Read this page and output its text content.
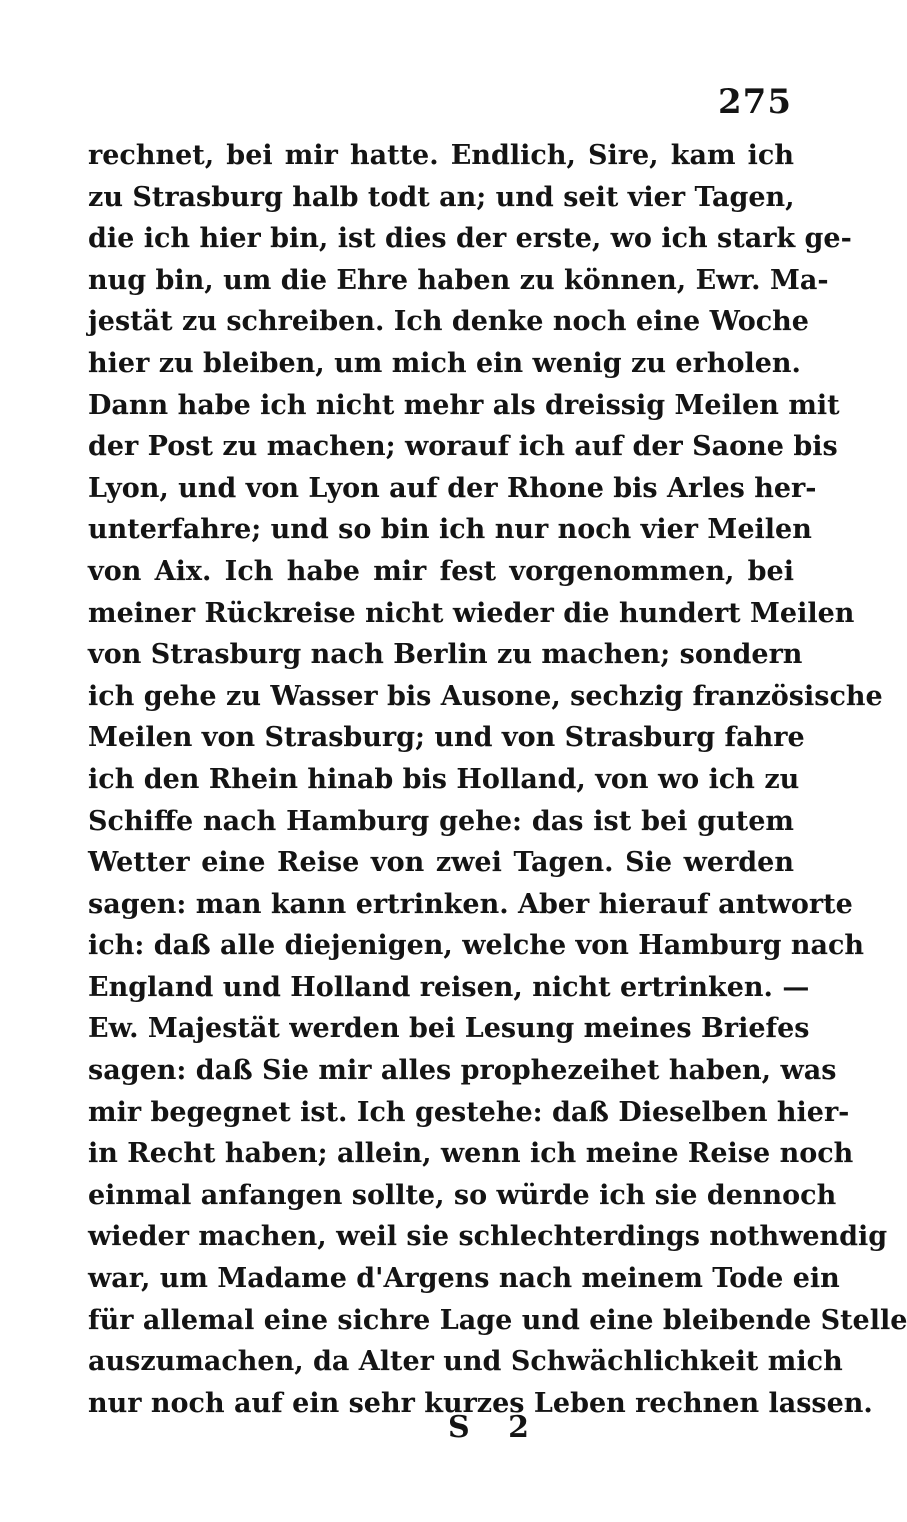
275
rechnet, bei mir hatte. Endlich, Sire, kam ich
zu Strasburg halb todt an; und seit vier Tagen,
die ich hier bin, ist dies der erste, wo ich stark ge-
nug bin, um die Ehre haben zu können, Ewr. Ma-
jestät zu schreiben. Ich denke noch eine Woche
hier zu bleiben, um mich ein wenig zu erholen.
Dann habe ich nicht mehr als dreissig Meilen mit
der Post zu machen; worauf ich auf der Saone bis
Lyon, und von Lyon auf der Rhone bis Arles her-
unterfahre; und so bin ich nur noch vier Meilen
von Aix. Ich habe mir fest vorgenommen, bei
meiner Rückreise nicht wieder die hundert Meilen
von Strasburg nach Berlin zu machen; sondern
ich gehe zu Wasser bis Ausone, sechzig französische
Meilen von Strasburg; und von Strasburg fahre
ich den Rhein hinab bis Holland, von wo ich zu
Schiffe nach Hamburg gehe: das ist bei gutem
Wetter eine Reise von zwei Tagen. Sie werden
sagen: man kann ertrinken. Aber hierauf antworte
ich: daß alle diejenigen, welche von Hamburg nach
England und Holland reisen, nicht ertrinken. —
Ew. Majestät werden bei Lesung meines Briefes
sagen: daß Sie mir alles prophezeihet haben, was
mir begegnet ist. Ich gestehe: daß Dieselben hier-
in Recht haben; allein, wenn ich meine Reise noch
einmal anfangen sollte, so würde ich sie dennoch
wieder machen, weil sie schlechterdings nothwendig
war, um Madame d'Argens nach meinem Tode ein
für allemal eine sichre Lage und eine bleibende Stelle
auszumachen, da Alter und Schwächlichkeit mich
nur noch auf ein sehr kurzes Leben rechnen lassen.
S 2
